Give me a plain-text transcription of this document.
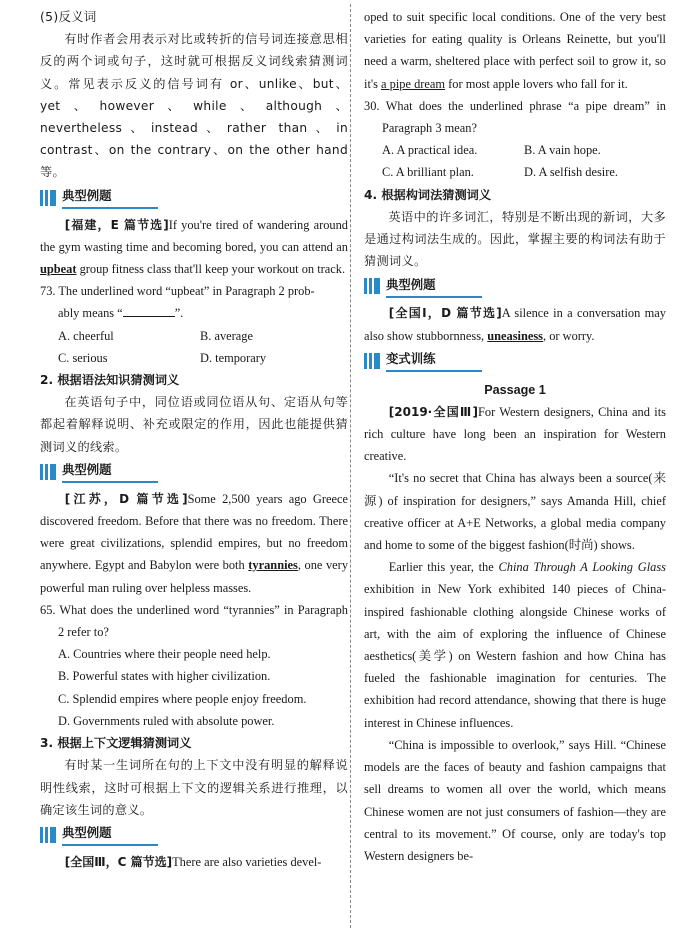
(5)反义词

有时作者会用表示对比或转折的信号词连接意思相反的两个词或句子，这时就可根据反义词线索猜测词义。常见表示反义的信号词有 or、unlike、but、yet、however、while、although、nevertheless、instead、rather than、in contrast、on the contrary、on the other hand 等。

典型例题

[福建，E 篇节选]If you're tired of wandering around the gym wasting time and becoming bored, you can attend an upbeat group fitness class that'll keep your workout on track.

73. The underlined word “upbeat” in Paragraph 2 prob-

ably means “	”.

A. cheerful	B. average
C. serious	D. temporary

2. 根据语法知识猜测词义

在英语句子中，同位语或同位语从句、定语从句等都起着解释说明、补充或限定的作用，因此也能提供猜测词义的线索。

典型例题

[江苏，D 篇节选]Some 2,500 years ago Greece discovered freedom. Before that there was no freedom. There were great civilizations, splendid empires, but no freedom anywhere. Egypt and Babylon were both tyrannies, one very powerful man ruling over helpless masses.

65. What does the underlined word “tyrannies” in Paragraph 2 refer to?

A. Countries where their people need help.
B. Powerful states with higher civilization.
C. Splendid empires where people enjoy freedom.
D. Governments ruled with absolute power.

3. 根据上下文逻辑猜测词义

有时某一生词所在句的上下文中没有明显的解释说明性线索，这时可根据上下文的逻辑关系进行推理，以确定该生词的意义。

典型例题

[全国Ⅲ，C 篇节选]There are also varieties devel-

oped to suit specific local conditions. One of the very best varieties for eating quality is Orleans Reinette, but you'll need a warm, sheltered place with perfect soil to grow it, so it's a pipe dream for most apple lovers who fall for it.

30. What does the underlined phrase “a pipe dream” in Paragraph 3 mean?

A. A practical idea.	B. A vain hope.
C. A brilliant plan.	D. A selfish desire.

4. 根据构词法猜测词义

英语中的许多词汇，特别是不断出现的新词，大多是通过构词法生成的。因此，掌握主要的构词法有助于猜测词义。

典型例题

[全国Ⅰ，D 篇节选]A silence in a conversation may also show stubbornness, uneasiness, or worry.

变式训练

Passage 1

[2019·全国Ⅲ]For Western designers, China and its rich culture have long been an inspiration for Western creative.

“It's no secret that China has always been a source(来源) of inspiration for designers,” says Amanda Hill, chief creative officer at A+E Networks, a global media company and home to some of the biggest fashion(时尚) shows.

Earlier this year, the China Through A Looking Glass exhibition in New York exhibited 140 pieces of China-inspired fashionable clothing alongside Chinese works of art, with the aim of exploring the influence of Chinese aesthetics(美学) on Western fashion and how China has fueled the fashionable imagination for centuries. The exhibition had record attendance, showing that there is huge interest in Chinese influences.

“China is impossible to overlook,” says Hill. “Chinese models are the faces of beauty and fashion campaigns that sell dreams to women all over the world, which means Chinese women are not just consumers of fashion—they are central to its movement.” Of course, only are today's top Western designers be-
